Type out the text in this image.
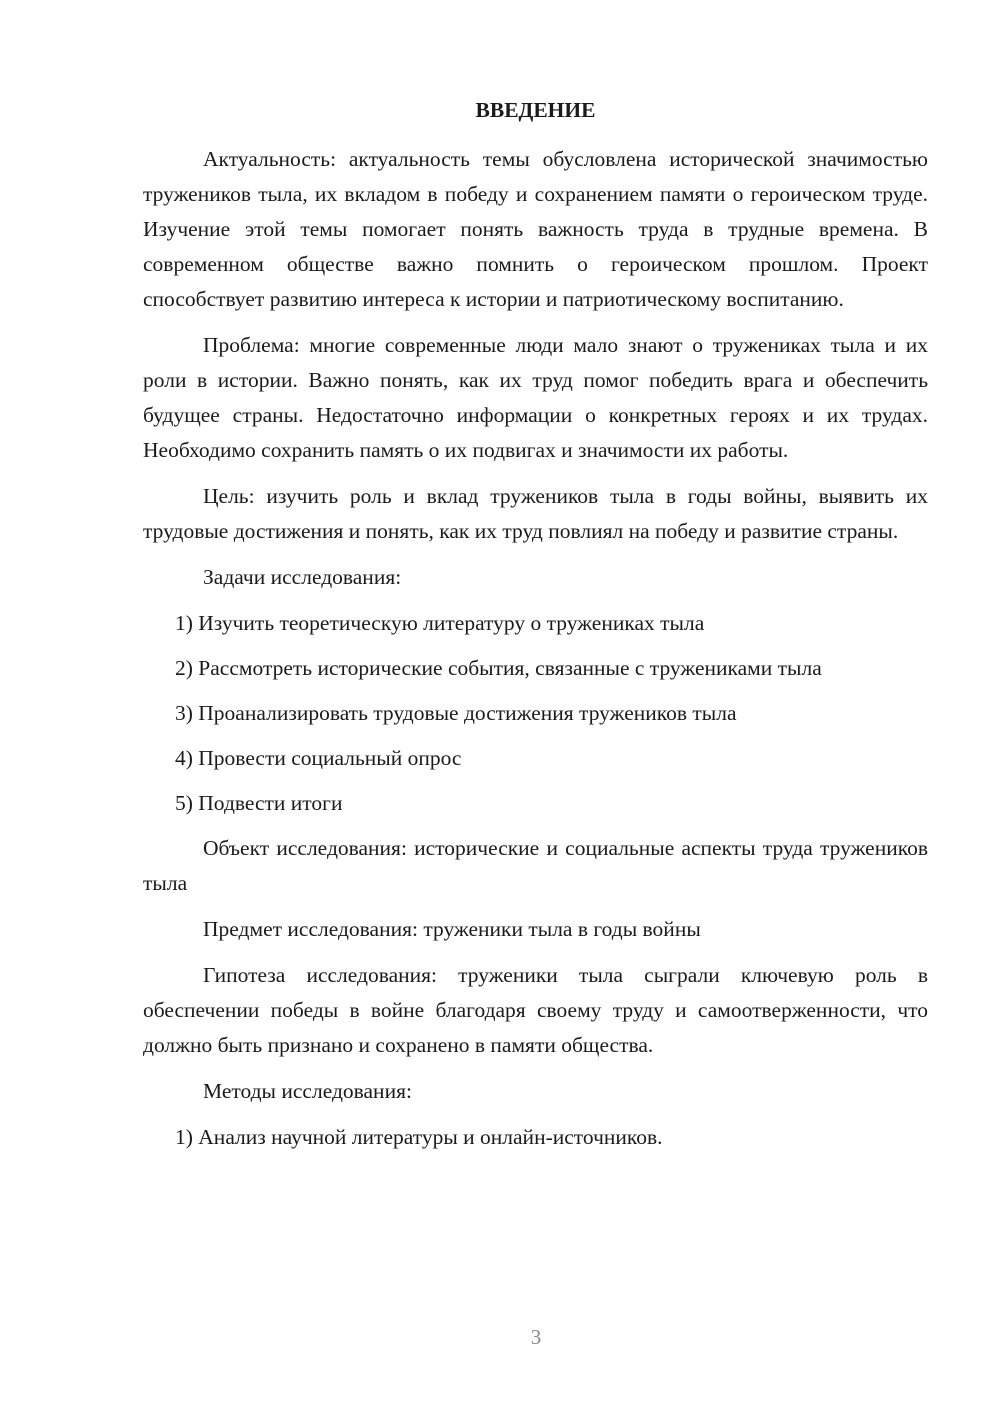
ВВЕДЕНИЕ

Актуальность: актуальность темы обусловлена исторической значимостью тружеников тыла, их вкладом в победу и сохранением памяти о героическом труде. Изучение этой темы помогает понять важность труда в трудные времена. В современном обществе важно помнить о героическом прошлом. Проект способствует развитию интереса к истории и патриотическому воспитанию.

Проблема: многие современные люди мало знают о тружениках тыла и их роли в истории. Важно понять, как их труд помог победить врага и обеспечить будущее страны. Недостаточно информации о конкретных героях и их трудах. Необходимо сохранить память о их подвигах и значимости их работы.

Цель: изучить роль и вклад тружеников тыла в годы войны, выявить их трудовые достижения и понять, как их труд повлиял на победу и развитие страны.

Задачи исследования:

1) Изучить теоретическую литературу о тружениках тыла
2) Рассмотреть исторические события, связанные с тружениками тыла
3) Проанализировать трудовые достижения тружеников тыла
4) Провести социальный опрос
5) Подвести итоги

Объект исследования: исторические и социальные аспекты труда тружеников тыла

Предмет исследования: труженики тыла в годы войны

Гипотеза исследования: труженики тыла сыграли ключевую роль в обеспечении победы в войне благодаря своему труду и самоотверженности, что должно быть признано и сохранено в памяти общества.

Методы исследования:

1) Анализ научной литературы и онлайн-источников.
3
